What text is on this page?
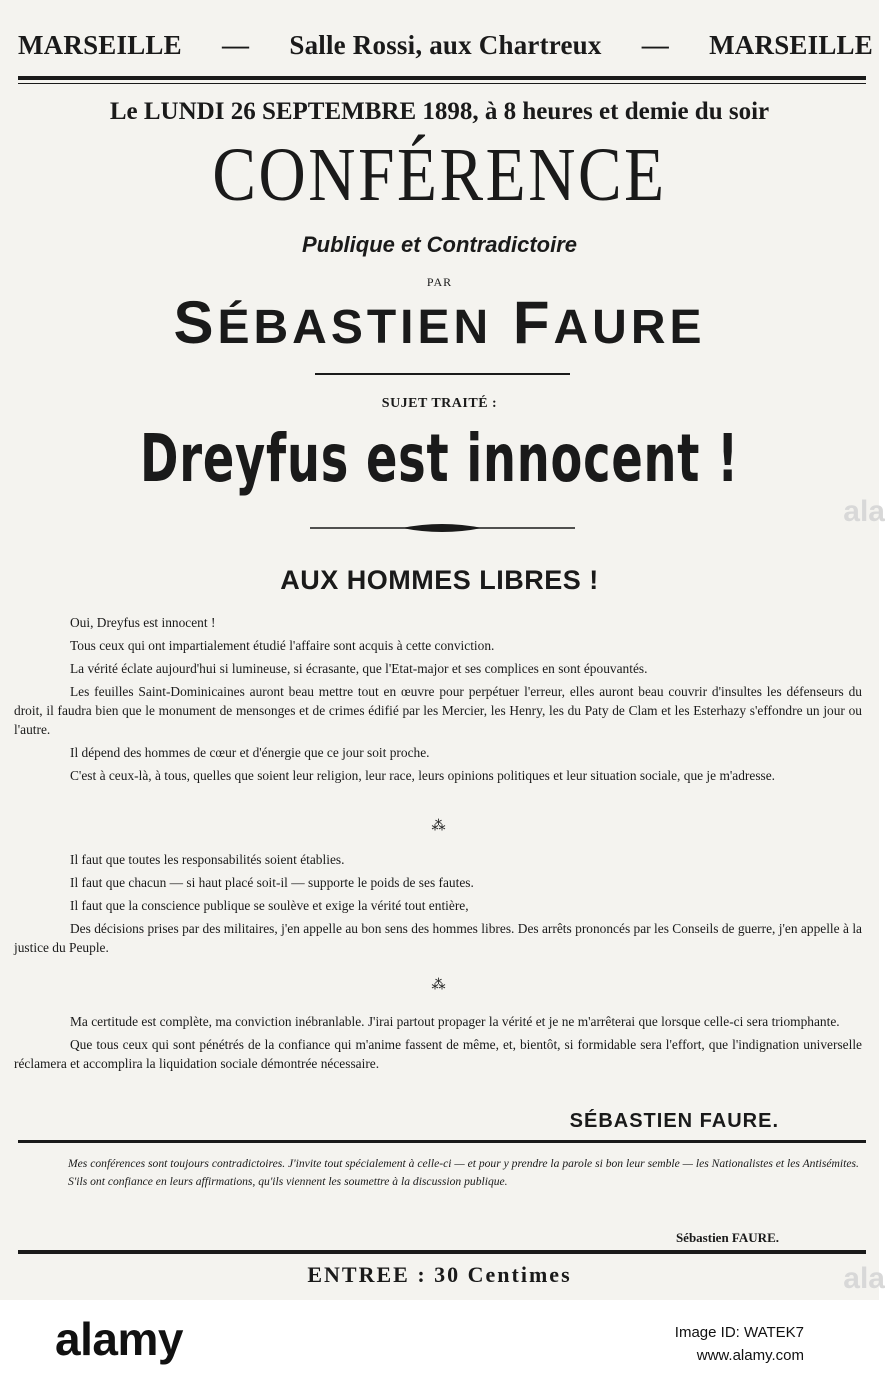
MARSEILLE — Salle Rossi, aux Chartreux — MARSEILLE
Le LUNDI 26 SEPTEMBRE 1898, à 8 heures et demie du soir
CONFÉRENCE
Publique et Contradictoire
PAR
SÉBASTIEN FAURE
SUJET TRAITÉ :
Dreyfus est innocent !
AUX HOMMES LIBRES !

Oui, Dreyfus est innocent !

Tous ceux qui ont impartialement étudié l'affaire sont acquis à cette conviction.

La vérité éclate aujourd'hui si lumineuse, si écrasante, que l'Etat-major et ses complices en sont épouvantés.

Les feuilles Saint-Dominicaines auront beau mettre tout en œuvre pour perpétuer l'erreur, elles auront beau couvrir d'insultes les défenseurs du droit, il faudra bien que le monument de mensonges et de crimes édifié par les Mercier, les Henry, les du Paty de Clam et les Esterhazy s'effondre un jour ou l'autre.

Il dépend des hommes de cœur et d'énergie que ce jour soit proche.

C'est à ceux-là, à tous, quelles que soient leur religion, leur race, leurs opinions politiques et leur situation sociale, que je m'adresse.

⁂

Il faut que toutes les responsabilités soient établies.

Il faut que chacun — si haut placé soit-il — supporte le poids de ses fautes.

Il faut que la conscience publique se soulève et exige la vérité tout entière,

Des décisions prises par des militaires, j'en appelle au bon sens des hommes libres. Des arrêts prononcés par les Conseils de guerre, j'en appelle à la justice du Peuple.

⁂

Ma certitude est complète, ma conviction inébranlable. J'irai partout propager la vérité et je ne m'arrêterai que lorsque celle-ci sera triomphante.

Que tous ceux qui sont pénétrés de la confiance qui m'anime fassent de même, et, bientôt, si formidable sera l'effort, que l'indignation universelle réclamera et accomplira la liquidation sociale démontrée nécessaire.

SÉBASTIEN FAURE.

Mes conférences sont toujours contradictoires. J'invite tout spécialement à celle-ci — et pour y prendre la parole si bon leur semble — les Nationalistes et les Antisémites.

S'ils ont confiance en leurs affirmations, qu'ils viennent les soumettre à la discussion publique.

Sébastien FAURE.
ENTREE : 30 Centimes
ala
ala
alamy	Image ID: WATEK7
www.alamy.com
